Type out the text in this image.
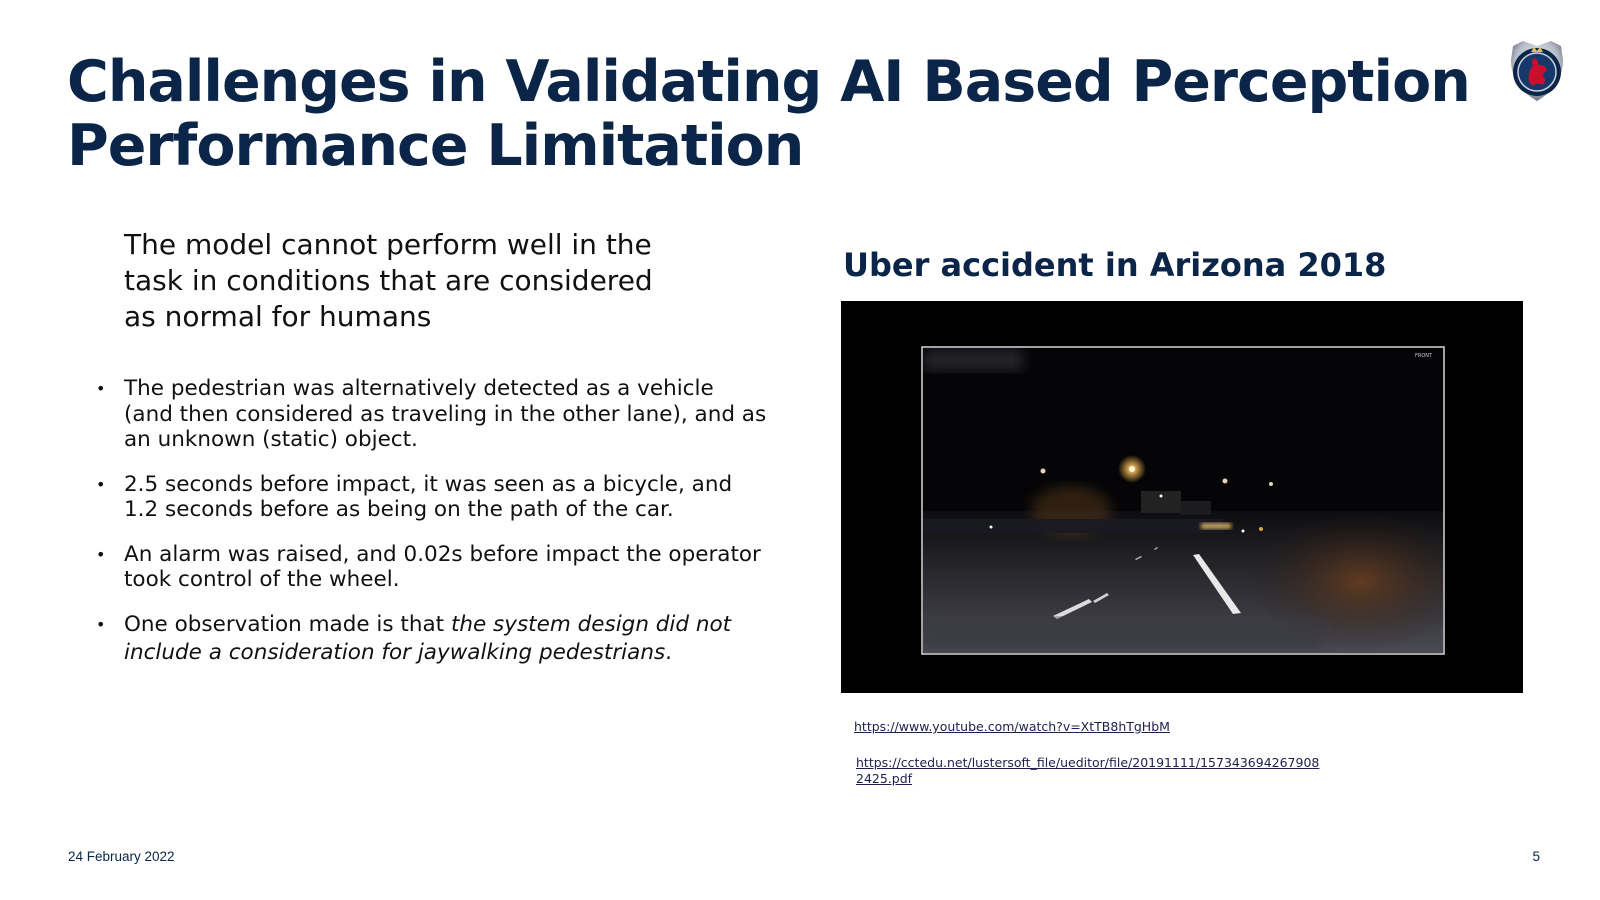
Challenges in Validating AI Based Perception
Performance Limitation
The model cannot perform well in the
task in conditions that are considered
as normal for humans
• The pedestrian was alternatively detected as a vehicle
(and then considered as traveling in the other lane), and as
an unknown (static) object.
• 2.5 seconds before impact, it was seen as a bicycle, and
1.2 seconds before as being on the path of the car.
• An alarm was raised, and 0.02s before impact the operator
took control of the wheel.
• One observation made is that the system design did not
include a consideration for jaywalking pedestrians.
Uber accident in Arizona 2018
FRONT
https://www.youtube.com/watch?v=XtTB8hTgHbM
https://cctedu.net/lustersoft_file/ueditor/file/20191111/157343694267908
2425.pdf
24 February 2022	5
